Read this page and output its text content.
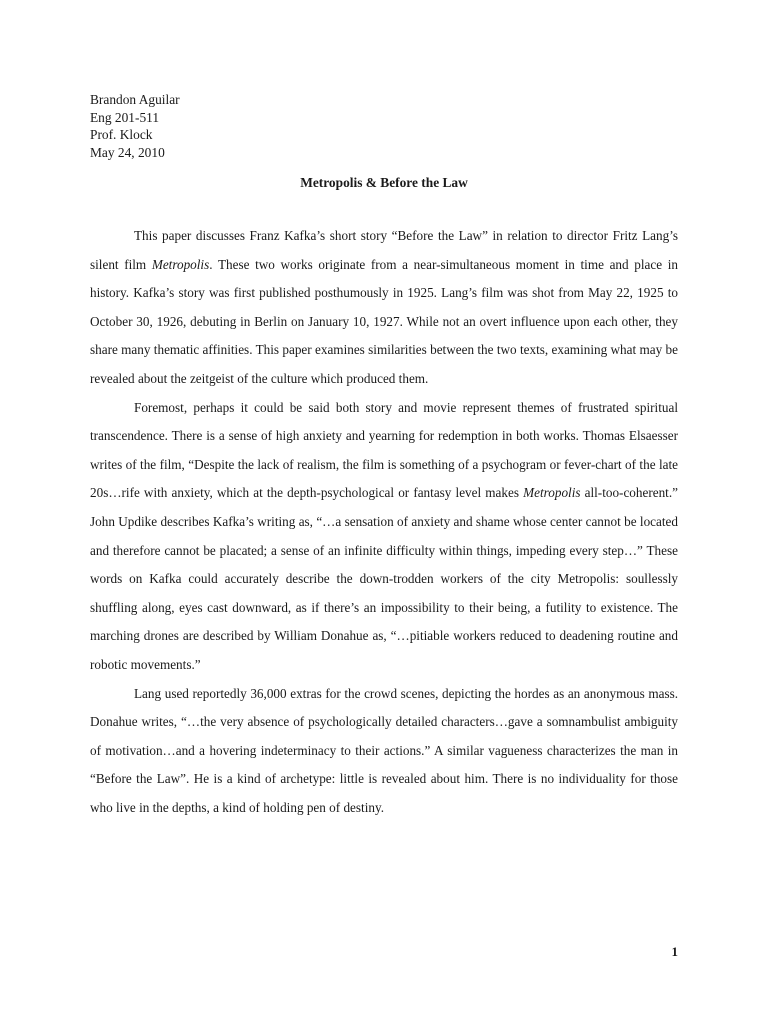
Brandon Aguilar
Eng 201-511
Prof. Klock
May 24, 2010
Metropolis & Before the Law

This paper discusses Franz Kafka’s short story “Before the Law” in relation to director Fritz Lang’s silent film Metropolis. These two works originate from a near-simultaneous moment in time and place in history. Kafka’s story was first published posthumously in 1925. Lang’s film was shot from May 22, 1925 to October 30, 1926, debuting in Berlin on January 10, 1927. While not an overt influence upon each other, they share many thematic affinities. This paper examines similarities between the two texts, examining what may be revealed about the zeitgeist of the culture which produced them.

Foremost, perhaps it could be said both story and movie represent themes of frustrated spiritual transcendence. There is a sense of high anxiety and yearning for redemption in both works. Thomas Elsaesser writes of the film, “Despite the lack of realism, the film is something of a psychogram or fever-chart of the late 20s…rife with anxiety, which at the depth-psychological or fantasy level makes Metropolis all-too-coherent.” John Updike describes Kafka’s writing as, “…a sensation of anxiety and shame whose center cannot be located and therefore cannot be placated; a sense of an infinite difficulty within things, impeding every step…” These words on Kafka could accurately describe the down-trodden workers of the city Metropolis: soullessly shuffling along, eyes cast downward, as if there’s an impossibility to their being, a futility to existence. The marching drones are described by William Donahue as, “…pitiable workers reduced to deadening routine and robotic movements.”

Lang used reportedly 36,000 extras for the crowd scenes, depicting the hordes as an anonymous mass. Donahue writes, “…the very absence of psychologically detailed characters…gave a somnambulist ambiguity of motivation…and a hovering indeterminacy to their actions.” A similar vagueness characterizes the man in “Before the Law”. He is a kind of archetype: little is revealed about him. There is no individuality for those who live in the depths, a kind of holding pen of destiny.

1
